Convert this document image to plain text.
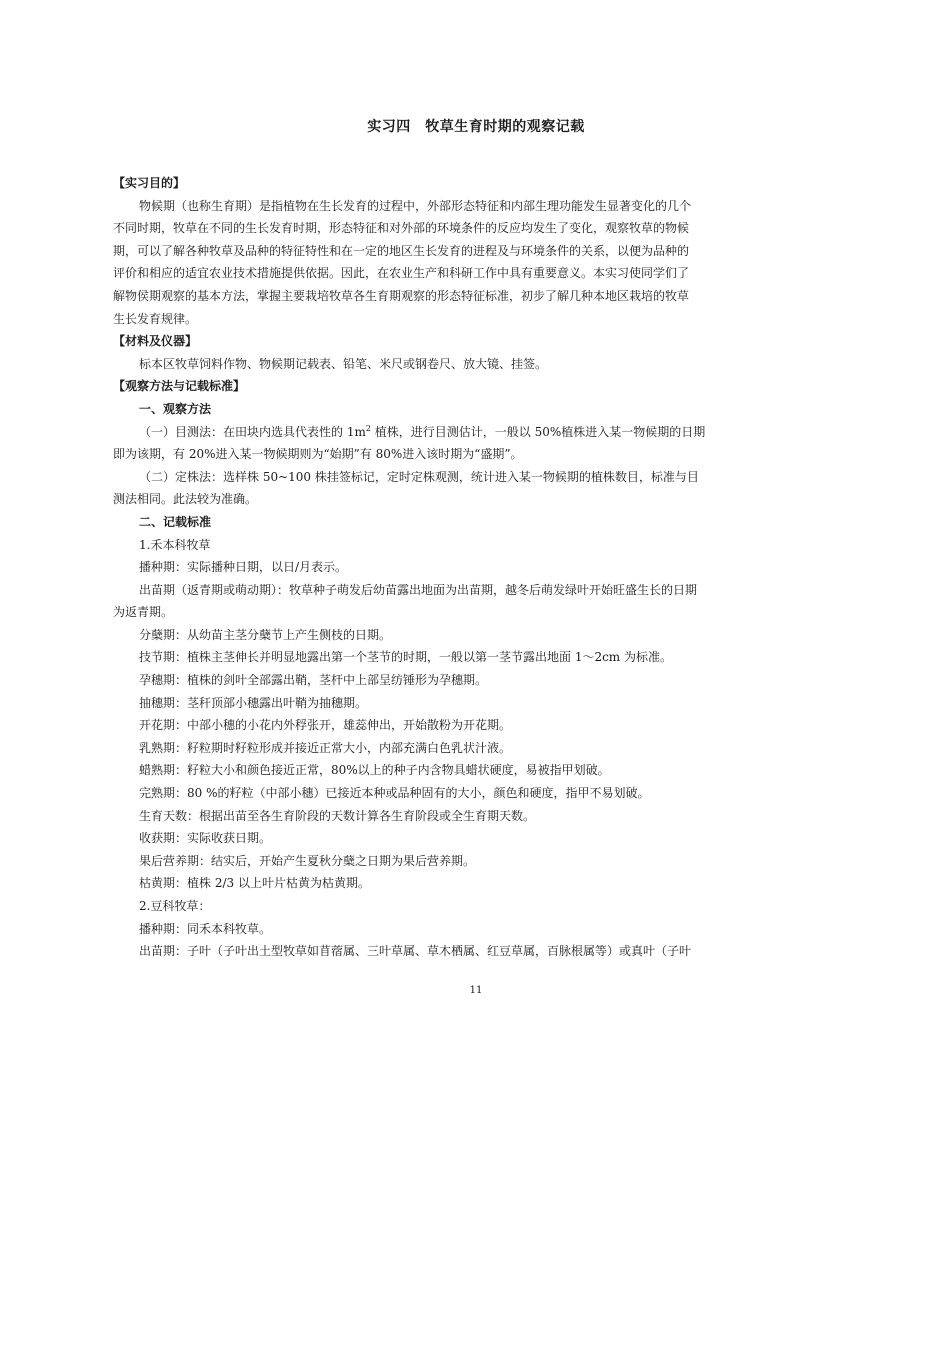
实习四　牧草生育时期的观察记载

【实习目的】

物候期（也称生育期）是指植物在生长发育的过程中，外部形态特征和内部生理功能发生显著变化的几个

不同时期，牧草在不同的生长发育时期，形态特征和对外部的环境条件的反应均发生了变化，观察牧草的物候

期，可以了解各种牧草及品种的特征特性和在一定的地区生长发育的进程及与环境条件的关系，以便为品种的

评价和相应的适宜农业技术措施提供依据。因此，在农业生产和科研工作中具有重要意义。本实习使同学们了

解物侯期观察的基本方法，掌握主要栽培牧草各生育期观察的形态特征标准，初步了解几种本地区栽培的牧草

生长发育规律。

【材料及仪器】

标本区牧草饲料作物、物候期记载表、铅笔、米尺或钢卷尺、放大镜、挂签。

【观察方法与记载标准】

一、观察方法

（一）目测法：在田块内选具代表性的 $1m^2$ 植株，进行目测估计，一般以 50%植株进入某一物候期的日期

即为该期，有 20%进入某一物候期则为“始期”有 80%进入该时期为“盛期”。

（二）定株法：选样株 50~100 株挂签标记，定时定株观测，统计进入某一物候期的植株数目，标准与目

测法相同。此法较为准确。

二、记载标准

1.禾本科牧草

播种期：实际播种日期，以日/月表示。

出苗期（返青期或萌动期）：牧草种子萌发后幼苗露出地面为出苗期，越冬后萌发绿叶开始旺盛生长的日期

为返青期。

分蘖期：从幼苗主茎分蘖节上产生侧枝的日期。

技节期：植株主茎伸长并明显地露出第一个茎节的时期，一般以第一茎节露出地面 1～2cm 为标准。

孕穗期：植株的剑叶全部露出鞘，茎杆中上部呈纺锤形为孕穗期。

抽穗期：茎秆顶部小穗露出叶鞘为抽穗期。

开花期：中部小穗的小花内外稃张开，雄蕊伸出，开始散粉为开花期。

乳熟期：籽粒期时籽粒形成并接近正常大小，内部充满白色乳状汁液。

蜡熟期：籽粒大小和颜色接近正常，80%以上的种子内含物具蜡状硬度，易被指甲划破。

完熟期：80 %的籽粒（中部小穗）已接近本种或品种固有的大小，颜色和硬度，指甲不易划破。

生育天数：根据出苗至各生育阶段的天数计算各生育阶段或全生育期天数。

收获期：实际收获日期。

果后营养期：结实后，开始产生夏秋分蘖之日期为果后营养期。

枯黄期：植株 2/3 以上叶片枯黄为枯黄期。

2.豆科牧草：

播种期：同禾本科牧草。

出苗期：子叶（子叶出土型牧草如苜蓿属、三叶草属、草木栖属、红豆草属，百脉根属等）或真叶（子叶

11
